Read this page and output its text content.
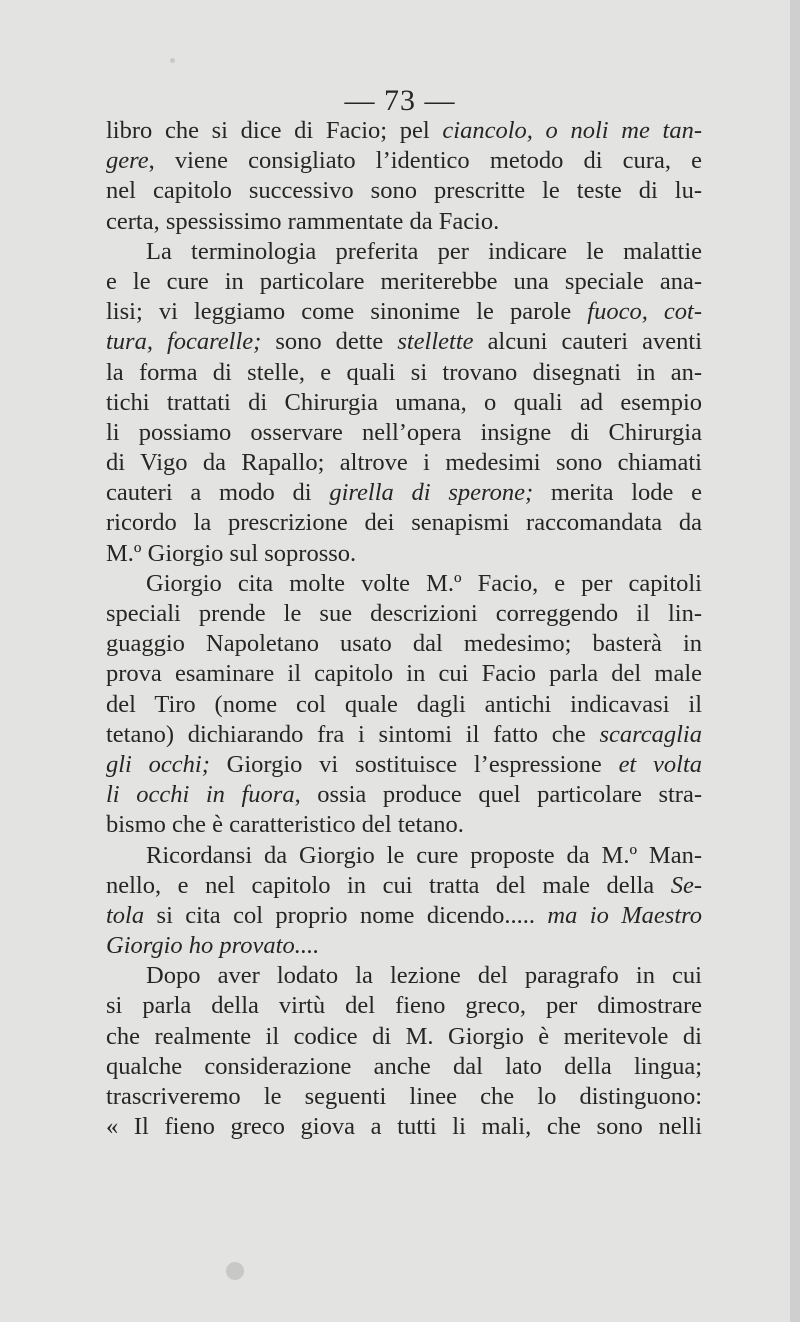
— 73 —
libro che si dice di Facio; pel ciancolo, o noli me tan-
gere, viene consigliato l’identico metodo di cura, e
nel capitolo successivo sono prescritte le teste di lu-
certa, spessissimo rammentate da Facio.
La terminologia preferita per indicare le malattie
e le cure in particolare meriterebbe una speciale ana-
lisi; vi leggiamo come sinonime le parole fuoco, cot-
tura, focarelle; sono dette stellette alcuni cauteri aventi
la forma di stelle, e quali si trovano disegnati in an-
tichi trattati di Chirurgia umana, o quali ad esempio
li possiamo osservare nell’opera insigne di Chirurgia
di Vigo da Rapallo; altrove i medesimi sono chiamati
cauteri a modo di girella di sperone; merita lode e
ricordo la prescrizione dei senapismi raccomandata da
M.º Giorgio sul soprosso.
Giorgio cita molte volte M.º Facio, e per capitoli
speciali prende le sue descrizioni correggendo il lin-
guaggio Napoletano usato dal medesimo; basterà in
prova esaminare il capitolo in cui Facio parla del male
del Tiro (nome col quale dagli antichi indicavasi il
tetano) dichiarando fra i sintomi il fatto che scarcaglia
gli occhi; Giorgio vi sostituisce l’espressione et volta
li occhi in fuora, ossia produce quel particolare stra-
bismo che è caratteristico del tetano.
Ricordansi da Giorgio le cure proposte da M.º Man-
nello, e nel capitolo in cui tratta del male della Se-
tola si cita col proprio nome dicendo..... ma io Maestro
Giorgio ho provato....
Dopo aver lodato la lezione del paragrafo in cui
si parla della virtù del fieno greco, per dimostrare
che realmente il codice di M. Giorgio è meritevole di
qualche considerazione anche dal lato della lingua;
trascriveremo le seguenti linee che lo distinguono:
« Il fieno greco giova a tutti li mali, che sono nelli
